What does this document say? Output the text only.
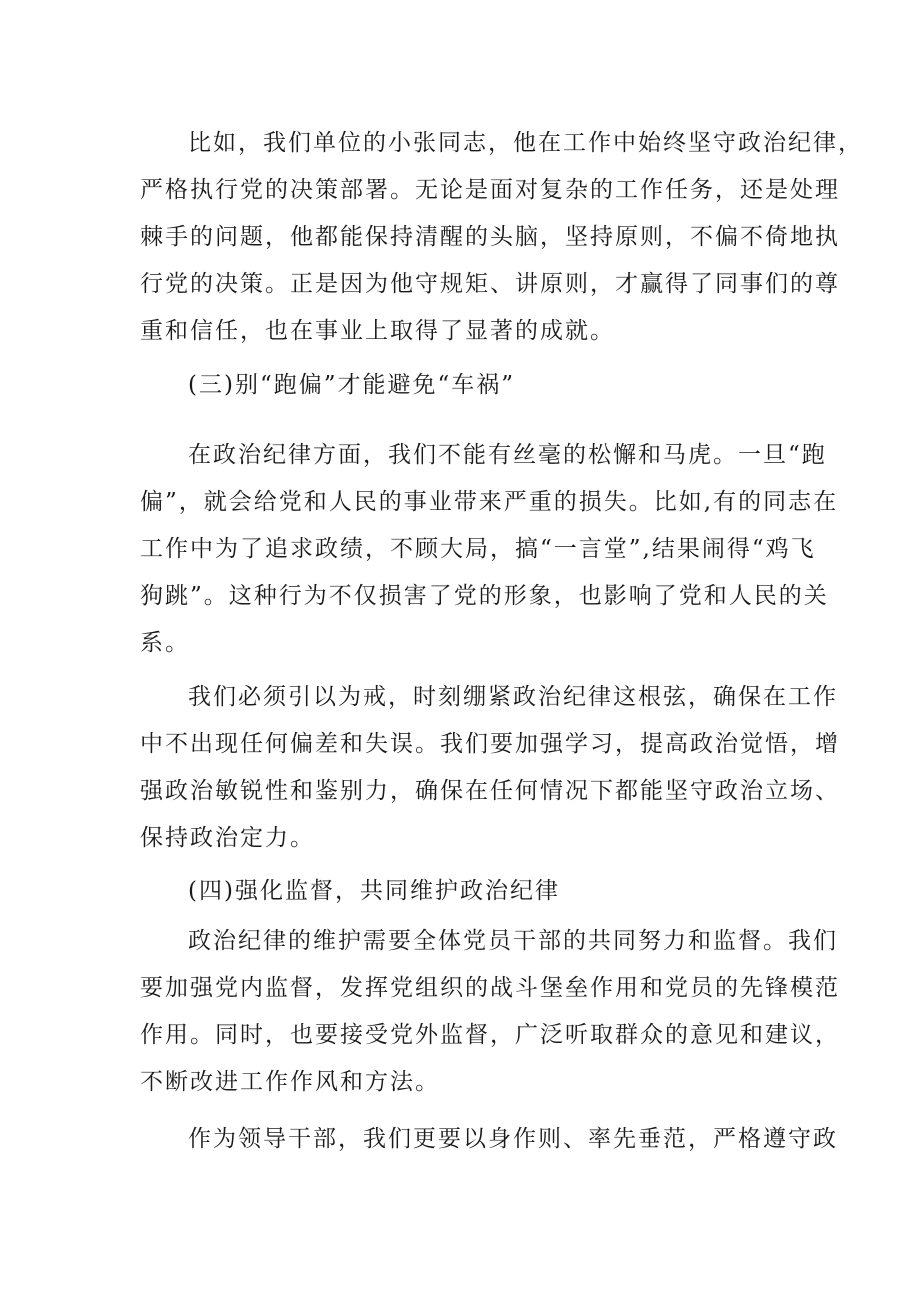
比如，我们单位的小张同志，他在工作中始终坚守政治纪律，
严格执行党的决策部署。无论是面对复杂的工作任务，还是处理
棘手的问题，他都能保持清醒的头脑，坚持原则，不偏不倚地执
行党的决策。正是因为他守规矩、讲原则，才赢得了同事们的尊
重和信任，也在事业上取得了显著的成就。
(三)别“跑偏”才能避免“车祸”
在政治纪律方面，我们不能有丝毫的松懈和马虎。一旦“跑
偏”，就会给党和人民的事业带来严重的损失。比如,有的同志在
工作中为了追求政绩，不顾大局，搞“一言堂”,结果闹得“鸡飞
狗跳”。这种行为不仅损害了党的形象，也影响了党和人民的关
系。
我们必须引以为戒，时刻绷紧政治纪律这根弦，确保在工作
中不出现任何偏差和失误。我们要加强学习，提高政治觉悟，增
强政治敏锐性和鉴别力，确保在任何情况下都能坚守政治立场、
保持政治定力。
(四)强化监督，共同维护政治纪律
政治纪律的维护需要全体党员干部的共同努力和监督。我们
要加强党内监督，发挥党组织的战斗堡垒作用和党员的先锋模范
作用。同时，也要接受党外监督，广泛听取群众的意见和建议，
不断改进工作作风和方法。
作为领导干部，我们更要以身作则、率先垂范，严格遵守政
